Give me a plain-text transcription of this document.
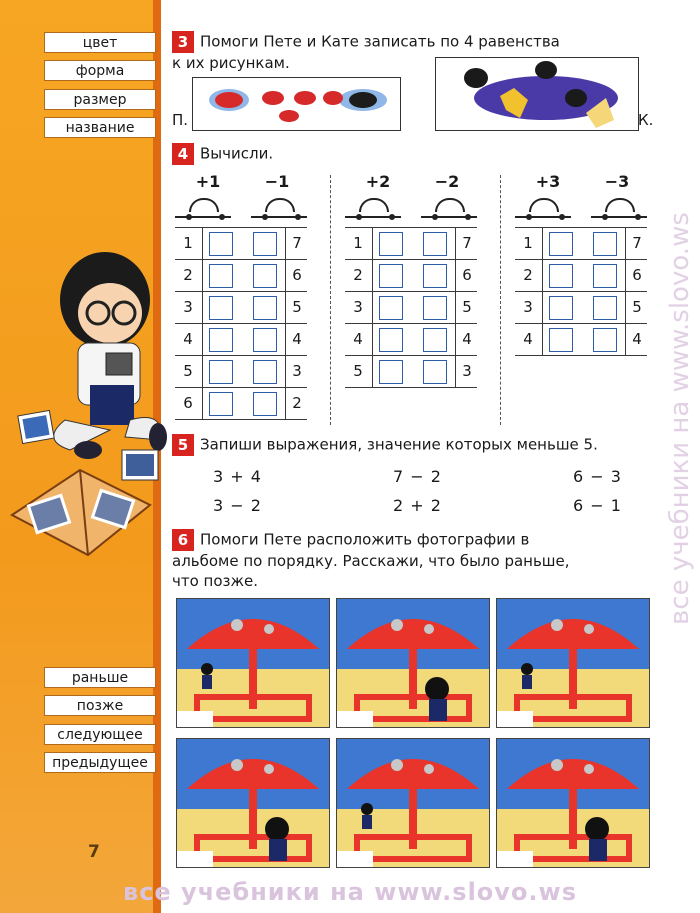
цвет
форма
размер
название
раньше
позже
следующее
предыдущее
7
3 Помоги Пете и Кате записать по 4 равенства
к их рисункам.
П.	К.
4 Вычисли.
+1	−1
1	7
2	6
3	5
4	4
5	3
6	2
+2	−2
1	7
2	6
3	5
4	4
5	3
+3	−3
1	7
2	6
3	5
4	4
5 Запиши выражения, значение которых меньше 5.
3 + 4	7 − 2	6 − 3
3 − 2	2 + 2	6 − 1
6 Помоги Пете расположить фотографии в
альбоме по порядку. Расскажи, что было раньше,
что позже.
все учебники на www.slovo.ws
все учебники на www.slovo.ws
